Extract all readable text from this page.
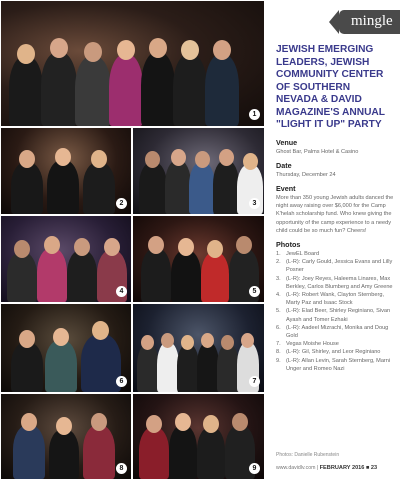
1
2	3
4	5
6	7
8	9
mingle
JEWISH EMERGING LEADERS, JEWISH COMMUNITY CENTER OF SOUTHERN NEVADA & DAVID MAGAZINE'S ANNUAL "LIGHT IT UP" PARTY
Venue

Ghost Bar, Palms Hotel & Casino

Date

Thursday, December 24

Event

More than 350 young Jewish adults danced the night away raising over $6,000 for the Camp K'helah scholarship fund. Who knew giving the opportunity of the camp experience to a needy child could be so much fun? Cheers!

Photos
1. JewEL Board
2. (L-R): Carly Gould, Jessica Evans and Lilly Posner
3. (L-R): Joey Reyes, Haleema Linares, Max Berkley, Carlos Blumberg and Amy Greene
4. (L-R): Robert Wank, Clayton Sternberg, Marty Paz and Isaac Stock
5. (L-R): Elad Beer, Shirley Reginiano, Sivan Ayash and Tomer Ezhaki
6. (L-R): Aadeel Mizrachi, Monika and Doug Gold
7. Vegas Moishe House
8. (L-R): Gil, Shirley, and Leor Reginiano
9. (L-R): Allan Levin, Sarah Sternberg, Marni Unger and Romeo Nazi
Photos: Danielle Rubenstein
www.davidlv.com | FEBRUARY 2016 ■ 23
